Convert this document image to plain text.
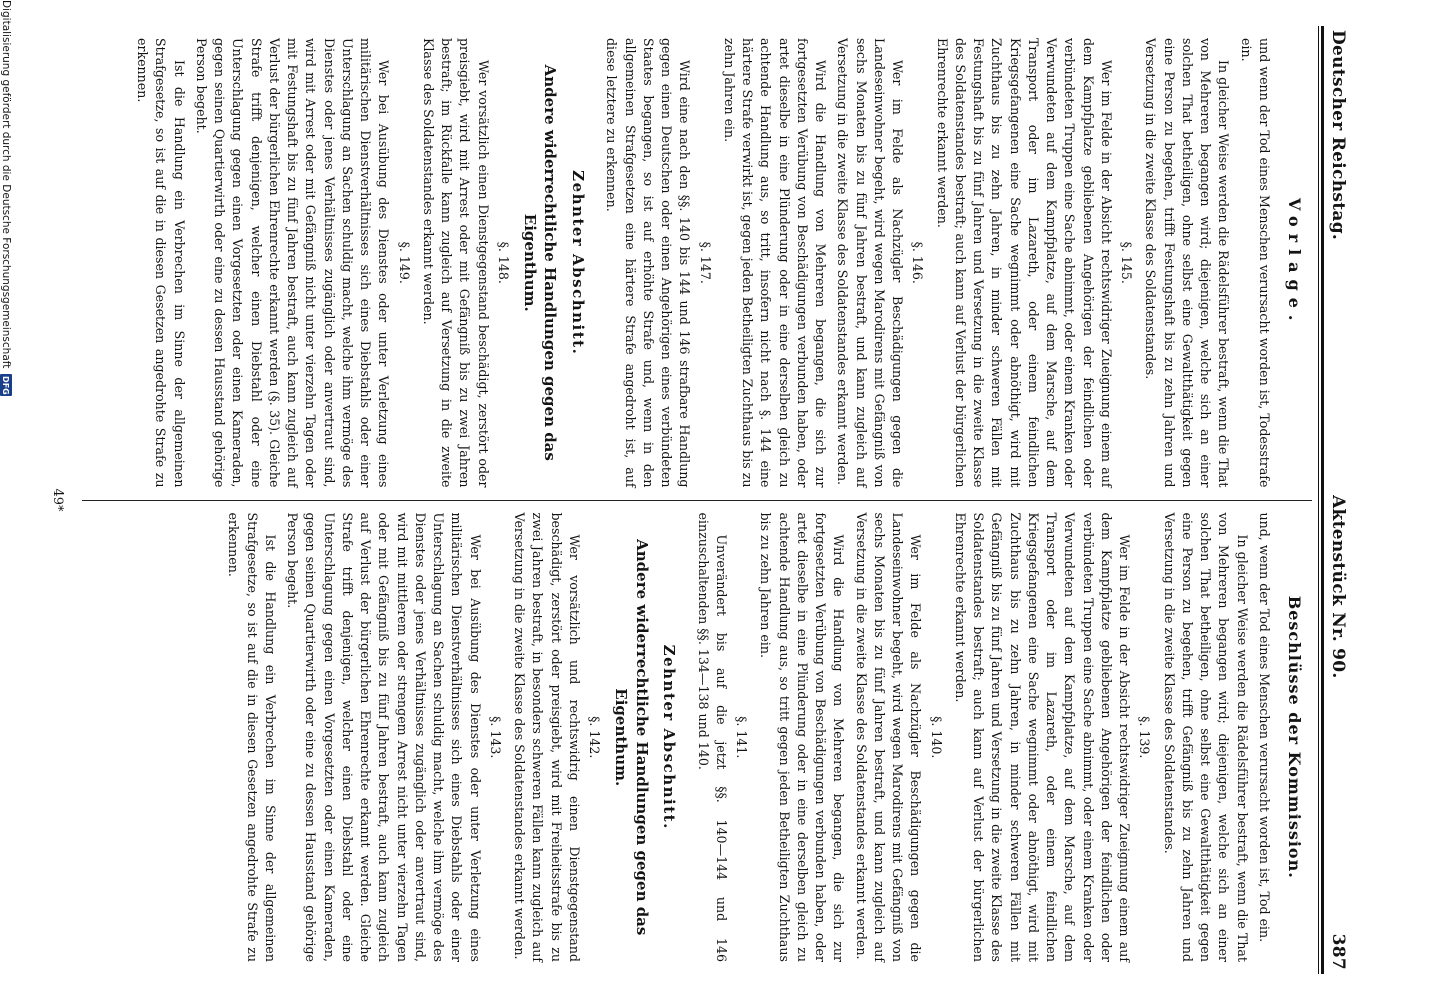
Deutscher Reichstag.
Aktenstück Nr. 90.
387
Vorlage.

und wenn der Tod eines Menschen verursacht worden ist, Todesstrafe ein.

In gleicher Weise werden die Rädelsführer bestraft, wenn die That von Mehreren begangen wird; diejenigen, welche sich an einer solchen That betheiligen, ohne selbst eine Gewaltthätigkeit gegen eine Person zu begehen, trifft Festungshaft bis zu zehn Jahren und Versetzung in die zweite Klasse des Soldatenstandes.

§. 145.

Wer im Felde in der Absicht rechtswidriger Zueignung einem auf dem Kampfplatze gebliebenen Angehörigen der feindlichen oder verbündeten Truppen eine Sache abnimmt, oder einem Kranken oder Verwundeten auf dem Kampfplatze, auf dem Marsche, auf dem Transport oder im Lazareth, oder einem feindlichen Kriegsgefangenen eine Sache wegnimmt oder abnöthigt, wird mit Zuchthaus bis zu zehn Jahren, in minder schweren Fällen mit Festungshaft bis zu fünf Jahren und Versetzung in die zweite Klasse des Soldatenstandes bestraft; auch kann auf Verlust der bürgerlichen Ehrenrechte erkannt werden.

§. 146.

Wer im Felde als Nachzügler Beschädigungen gegen die Landeseinwohner begeht, wird wegen Marodirens mit Gefängniß von sechs Monaten bis zu fünf Jahren bestraft, und kann zugleich auf Versetzung in die zweite Klasse des Soldatenstandes erkannt werden.

Wird die Handlung von Mehreren begangen, die sich zur fortgesetzten Verübung von Beschädigungen verbunden haben, oder artet dieselbe in eine Plünderung oder in eine derselben gleich zu achtende Handlung aus, so tritt, insofern nicht nach §. 144 eine härtere Strafe verwirkt ist, gegen jeden Betheiligten Zuchthaus bis zu zehn Jahren ein.

§. 147.

Wird eine nach den §§. 140 bis 144 und 146 strafbare Handlung gegen einen Deutschen oder einen Angehörigen eines verbündeten Staates begangen, so ist auf erhöhte Strafe und, wenn in den allgemeinen Strafgesetzen eine härtere Strafe angedroht ist, auf diese letztere zu erkennen.

Zehnter Abschnitt.
Andere widerrechtliche Handlungen gegen das Eigenthum.
§. 148.

Wer vorsätzlich einen Dienstgegenstand beschädigt, zerstört oder preisgiebt, wird mit Arrest oder mit Gefängniß bis zu zwei Jahren bestraft; im Rückfalle kann zugleich auf Versetzung in die zweite Klasse des Soldatenstandes erkannt werden.

§. 149.

Wer bei Ausübung des Dienstes oder unter Verletzung eines militärischen Dienstverhältnisses sich eines Diebstahls oder einer Unterschlagung an Sachen schuldig macht, welche ihm vermöge des Dienstes oder jenes Verhältnisses zugänglich oder anvertraut sind, wird mit Arrest oder mit Gefängniß nicht unter vierzehn Tagen oder mit Festungshaft bis zu fünf Jahren bestraft, auch kann zugleich auf Verlust der bürgerlichen Ehrenrechte erkannt werden (§. 35). Gleiche Strafe trifft denjenigen, welcher einen Diebstahl oder eine Unterschlagung gegen einen Vorgesetzten oder einen Kameraden, gegen seinen Quartierwirth oder eine zu dessen Hausstand gehörige Person begeht.

Ist die Handlung ein Verbrechen im Sinne der allgemeinen Strafgesetze, so ist auf die in diesen Gesetzen angedrohte Strafe zu erkennen.

Beschlüsse der Kommission.

und, wenn der Tod eines Menschen verursacht worden ist, Tod ein.

In gleicher Weise werden die Rädelsführer bestraft, wenn die That von Mehreren begangen wird; diejenigen, welche sich an einer solchen That betheiligen, ohne selbst eine Gewaltthätigkeit gegen eine Person zu begehen, trifft Gefängniß bis zu zehn Jahren und Versetzung in die zweite Klasse des Soldatenstandes.

§. 139.

Wer im Felde in der Absicht rechtswidriger Zueignung einem auf dem Kampfplatze gebliebenen Angehörigen der feindlichen oder verbündeten Truppen eine Sache abnimmt, oder einem Kranken oder Verwundeten auf dem Kampfplatze, auf dem Marsche, auf dem Transport oder im Lazareth, oder einem feindlichen Kriegsgefangenen eine Sache wegnimmt oder abnöthigt, wird mit Zuchthaus bis zu zehn Jahren, in minder schweren Fällen mit Gefängniß bis zu fünf Jahren und Versetzung in die zweite Klasse des Soldatenstandes bestraft; auch kann auf Verlust der bürgerlichen Ehrenrechte erkannt werden.

§. 140.

Wer im Felde als Nachzügler Beschädigungen gegen die Landeseinwohner begeht, wird wegen Marodirens mit Gefängniß von sechs Monaten bis zu fünf Jahren bestraft, und kann zugleich auf Versetzung in die zweite Klasse des Soldatenstandes erkannt werden.

Wird die Handlung von Mehreren begangen, die sich zur fortgesetzten Verübung von Beschädigungen verbunden haben, oder artet dieselbe in eine Plünderung oder in eine derselben gleich zu achtende Handlung aus, so tritt gegen jeden Betheiligten Zuchthaus bis zu zehn Jahren ein.

§. 141.

Unverändert bis auf die jetzt §§. 140—144 und 146 einzuschaltenden §§. 134—138 und 140.

Zehnter Abschnitt.
Andere widerrechtliche Handlungen gegen das Eigenthum.
§. 142.

Wer vorsätzlich und rechtswidrig einen Dienstgegenstand beschädigt, zerstört oder preisgiebt, wird mit Freiheitsstrafe bis zu zwei Jahren bestraft, in besonders schweren Fällen kann zugleich auf Versetzung in die zweite Klasse des Soldatenstandes erkannt werden.

§. 143.

Wer bei Ausübung des Dienstes oder unter Verletzung eines militärischen Dienstverhältnisses sich eines Diebstahls oder einer Unterschlagung an Sachen schuldig macht, welche ihm vermöge des Dienstes oder jenes Verhältnisses zugänglich oder anvertraut sind, wird mit mittlerem oder strengem Arrest nicht unter vierzehn Tagen oder mit Gefängniß bis zu fünf Jahren bestraft, auch kann zugleich auf Verlust der bürgerlichen Ehrenrechte erkannt werden. Gleiche Strafe trifft denjenigen, welcher einen Diebstahl oder eine Unterschlagung gegen einen Vorgesetzten oder einen Kameraden, gegen seinen Quartierwirth oder eine zu dessen Hausstand gehörige Person begeht.

Ist die Handlung ein Verbrechen im Sinne der allgemeinen Strafgesetze, so ist auf die in diesen Gesetzen angedrohte Strafe zu erkennen.

49*
Digitalisierung gefördert durch die Deutsche Forschungsgemeinschaft
DFG
